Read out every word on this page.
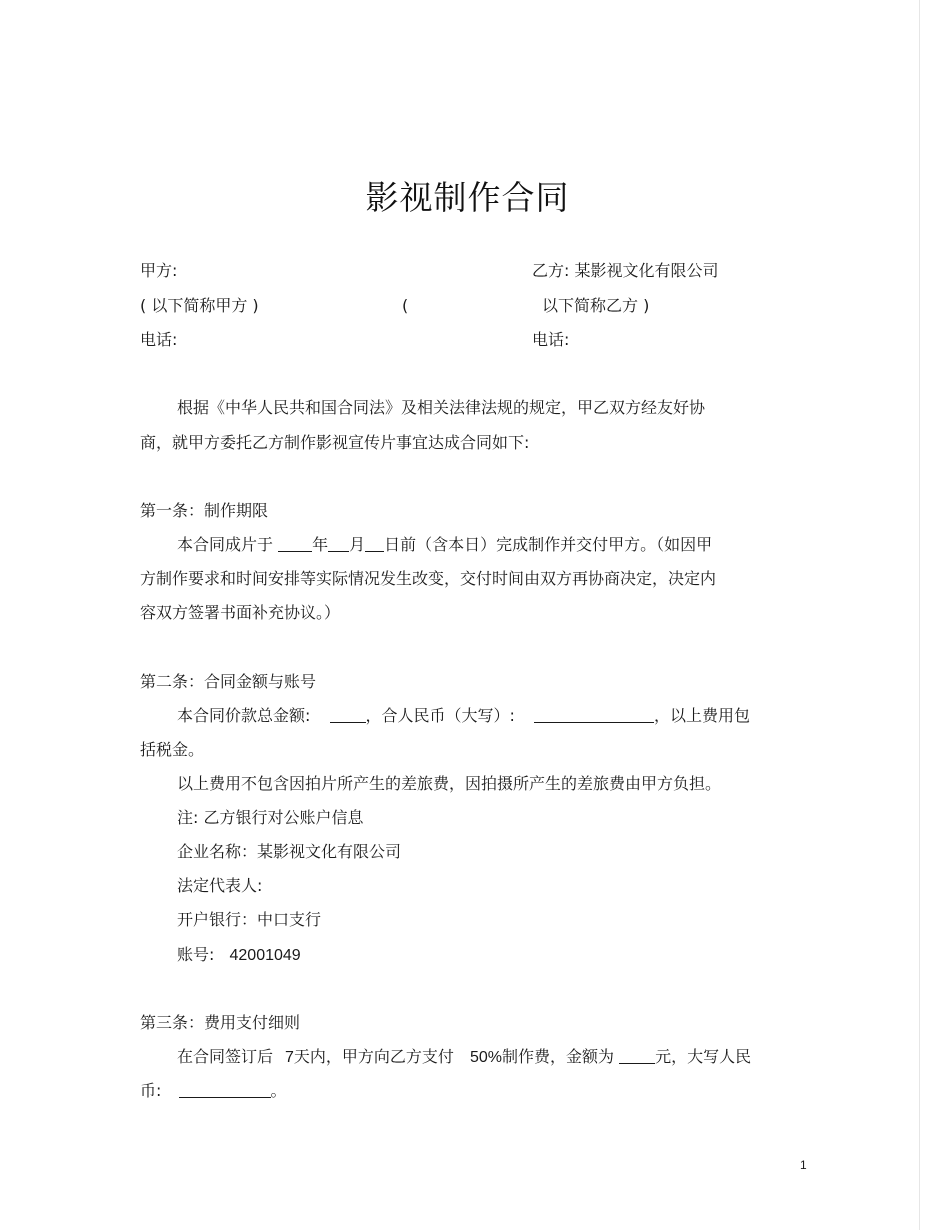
影视制作合同
甲方:	乙方: 某影视文化有限公司
( 以下简称甲方 )	(	以下简称乙方 )
电话:	电话:
根据《中华人民共和国合同法》及相关法律法规的规定，甲乙双方经友好协
商，就甲方委托乙方制作影视宣传片事宜达成合同如下:
第一条：制作期限
本合同成片于 年 月 日前（含本日）完成制作并交付甲方。（如因甲
方制作要求和时间安排等实际情况发生改变，交付时间由双方再协商决定，决定内
容双方签署书面补充协议。）
第二条：合同金额与账号
本合同价款总金额:	，合人民币（大写）:	，以上费用包
括税金。
以上费用不包含因拍片所产生的差旅费，因拍摄所产生的差旅费由甲方负担。
注: 乙方银行对公账户信息
企业名称：某影视文化有限公司
法定代表人:
开户银行：中口支行
账号: 42001049
第三条：费用支付细则
在合同签订后 7天内，甲方向乙方支付 50%制作费，金额为	元，大写人民
币:	。
1
